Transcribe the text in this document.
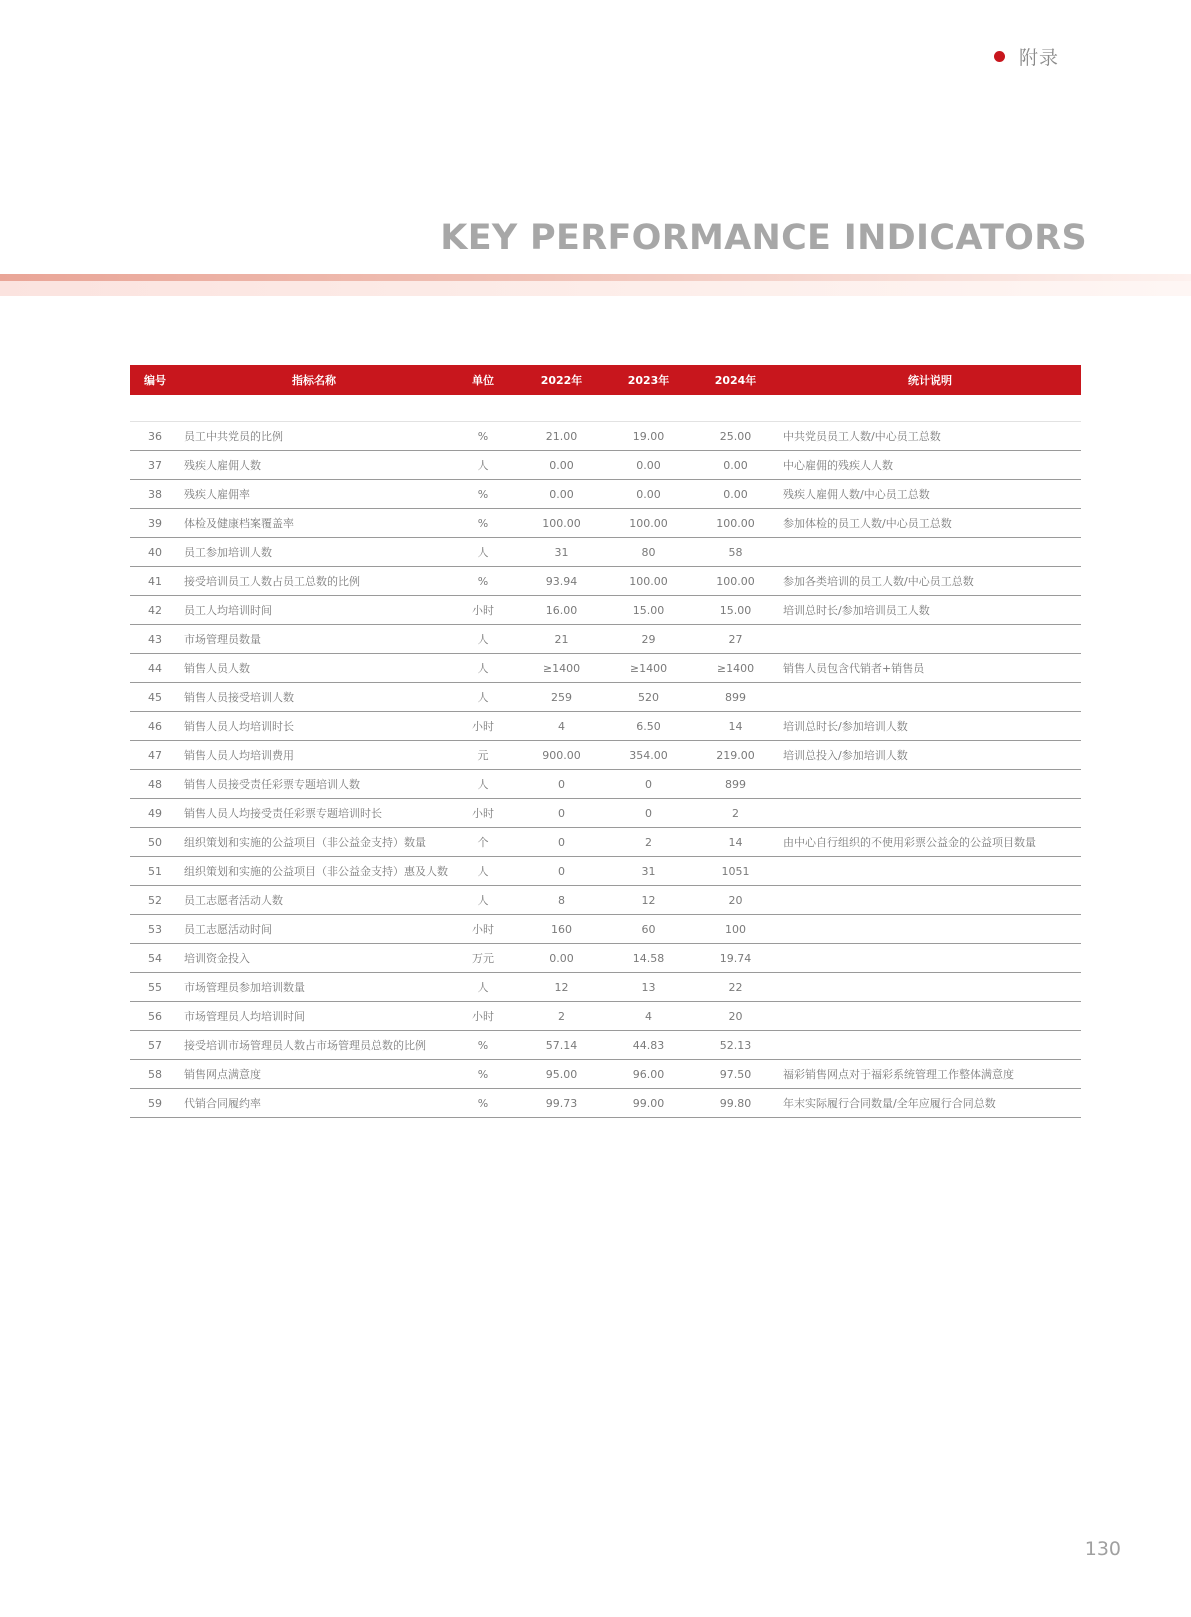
附录
KEY PERFORMANCE INDICATORS
编号	指标名称	单位	2022年	2023年	2024年	统计说明

36	员工中共党员的比例	%	21.00	19.00	25.00	中共党员员工人数/中心员工总数
37	残疾人雇佣人数	人	0.00	0.00	0.00	中心雇佣的残疾人人数
38	残疾人雇佣率	%	0.00	0.00	0.00	残疾人雇佣人数/中心员工总数
39	体检及健康档案覆盖率	%	100.00	100.00	100.00	参加体检的员工人数/中心员工总数
40	员工参加培训人数	人	31	80	58	
41	接受培训员工人数占员工总数的比例	%	93.94	100.00	100.00	参加各类培训的员工人数/中心员工总数
42	员工人均培训时间	小时	16.00	15.00	15.00	培训总时长/参加培训员工人数
43	市场管理员数量	人	21	29	27	
44	销售人员人数	人	≥1400	≥1400	≥1400	销售人员包含代销者+销售员
45	销售人员接受培训人数	人	259	520	899	
46	销售人员人均培训时长	小时	4	6.50	14	培训总时长/参加培训人数
47	销售人员人均培训费用	元	900.00	354.00	219.00	培训总投入/参加培训人数
48	销售人员接受责任彩票专题培训人数	人	0	0	899	
49	销售人员人均接受责任彩票专题培训时长	小时	0	0	2	
50	组织策划和实施的公益项目（非公益金支持）数量	个	0	2	14	由中心自行组织的不使用彩票公益金的公益项目数量
51	组织策划和实施的公益项目（非公益金支持）惠及人数	人	0	31	1051	
52	员工志愿者活动人数	人	8	12	20	
53	员工志愿活动时间	小时	160	60	100	
54	培训资金投入	万元	0.00	14.58	19.74	
55	市场管理员参加培训数量	人	12	13	22	
56	市场管理员人均培训时间	小时	2	4	20	
57	接受培训市场管理员人数占市场管理员总数的比例	%	57.14	44.83	52.13	
58	销售网点满意度	%	95.00	96.00	97.50	福彩销售网点对于福彩系统管理工作整体满意度
59	代销合同履约率	%	99.73	99.00	99.80	年末实际履行合同数量/全年应履行合同总数
130
